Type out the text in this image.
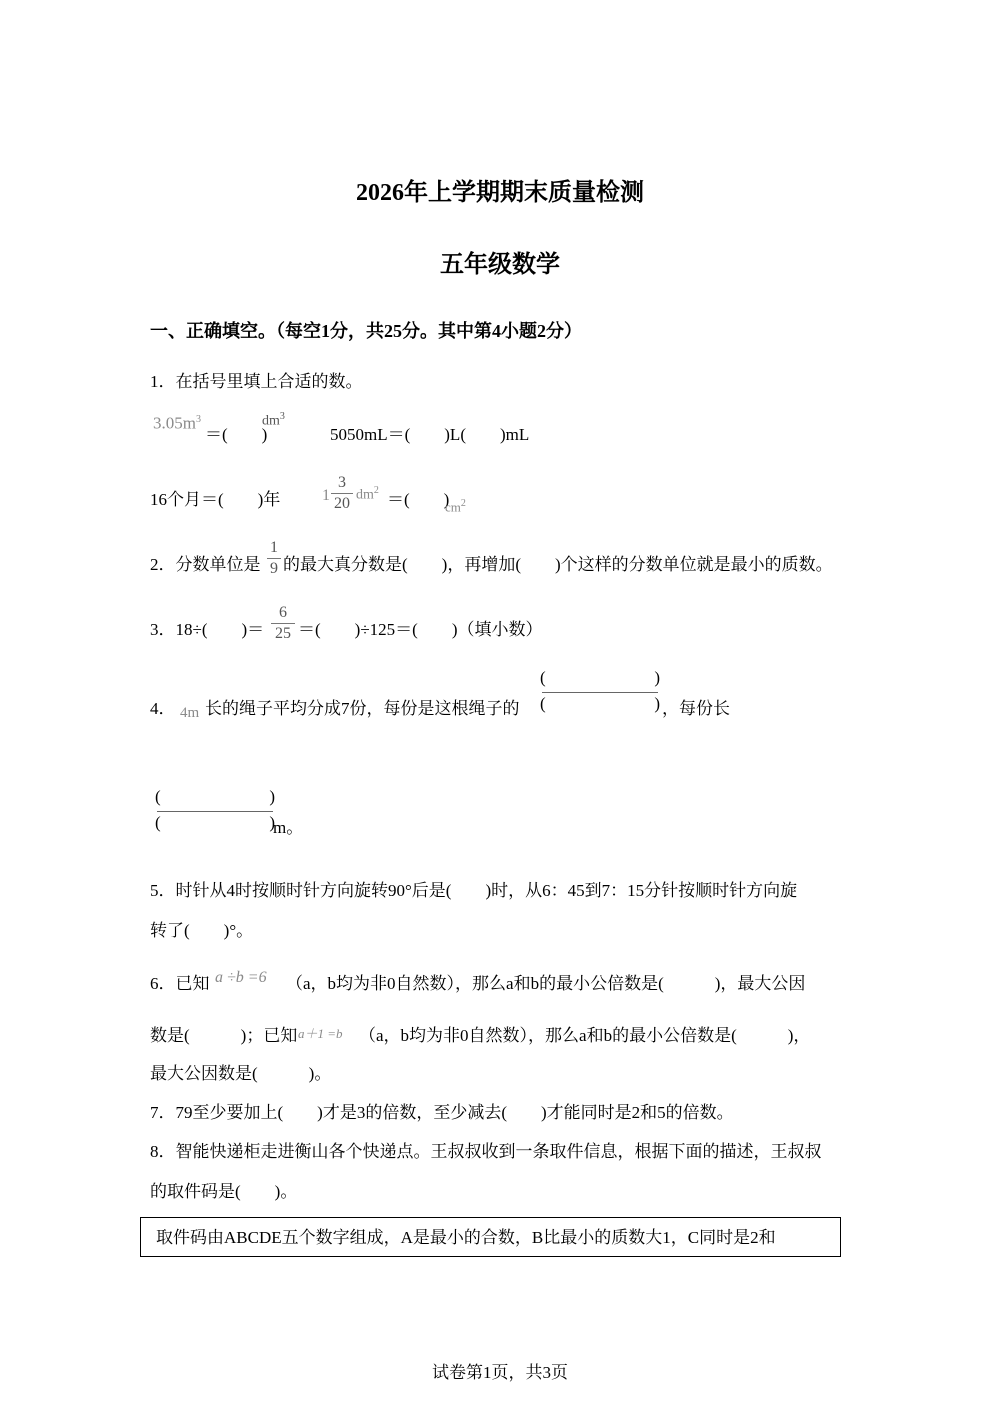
2026年上学期期末质量检测
五年级数学
一、正确填空。（每空1分，共25分。其中第4小题2分）
1．在括号里填上合适的数。
$3.05m^3$
＝(　　)
$dm^3$
5050mL＝(　　)L(　　)mL
16个月＝(　　)年	1
3
20 $dm^2$ ＝(　　)
$cm^2$
2．分数单位是
1
9 的最大真分数是(　　)，再增加(　　)个这样的分数单位就是最小的质数。
3．18÷(　　)＝
6
25 ＝(　　)÷125＝(　　)（填小数）
4． 4m 长的绳子平均分成7份，每份是这根绳子的
(	)
(	) ，每份长
(	)
(	)
m。
5．时针从4时按顺时针方向旋转90°后是(　　)时，从6：45到7：15分针按顺时针方向旋
转了(　　)°。
6．已知 a ÷b =6 （a，b均为非0自然数），那么a和b的最小公倍数是(　　　)，最大公因
数是(　　　)；已知 a＋1 =b （a，b均为非0自然数），那么a和b的最小公倍数是(　　　)，
最大公因数是(　　　)。
7．79至少要加上(　　)才是3的倍数，至少减去(　　)才能同时是2和5的倍数。
8．智能快递柜走进衡山各个快递点。王叔叔收到一条取件信息，根据下面的描述，王叔叔
的取件码是(　　)。
取件码由ABCDE五个数字组成，A是最小的合数，B比最小的质数大1，C同时是2和
试卷第1页，共3页
